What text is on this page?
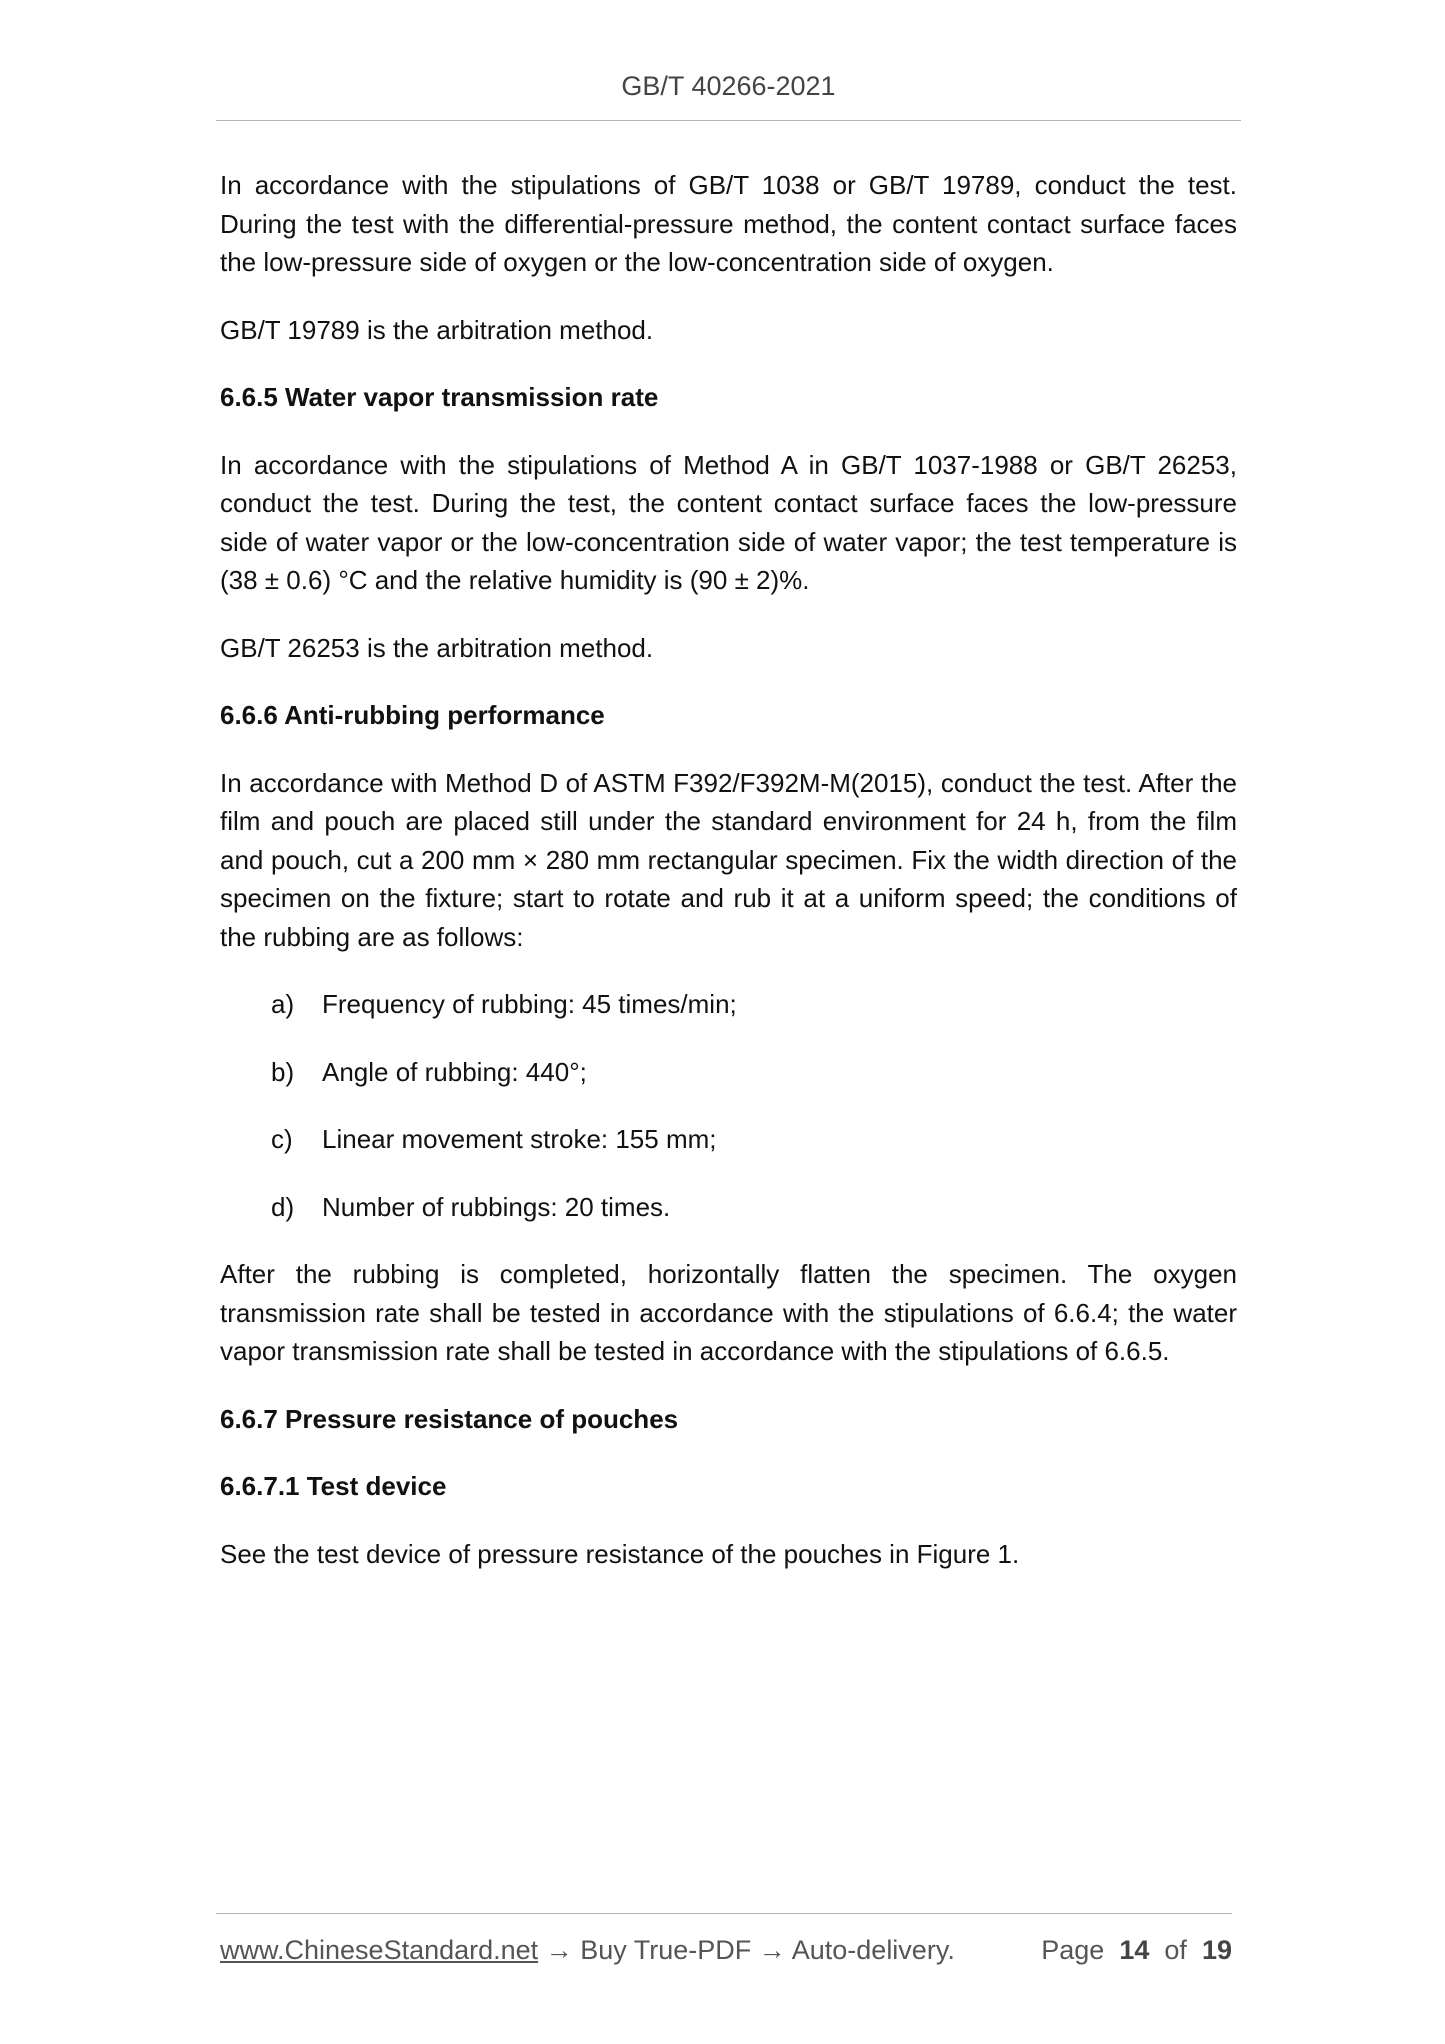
GB/T 40266-2021

In accordance with the stipulations of GB/T 1038 or GB/T 19789, conduct the test. During the test with the differential-pressure method, the content contact surface faces the low-pressure side of oxygen or the low-concentration side of oxygen.

GB/T 19789 is the arbitration method.

6.6.5 Water vapor transmission rate

In accordance with the stipulations of Method A in GB/T 1037-1988 or GB/T 26253, conduct the test. During the test, the content contact surface faces the low-pressure side of water vapor or the low-concentration side of water vapor; the test temperature is (38 ± 0.6) °C and the relative humidity is (90 ± 2)%.

GB/T 26253 is the arbitration method.

6.6.6 Anti-rubbing performance

In accordance with Method D of ASTM F392/F392M-M(2015), conduct the test. After the film and pouch are placed still under the standard environment for 24 h, from the film and pouch, cut a 200 mm × 280 mm rectangular specimen. Fix the width direction of the specimen on the fixture; start to rotate and rub it at a uniform speed; the conditions of the rubbing are as follows:

a)	Frequency of rubbing: 45 times/min;
b)	Angle of rubbing: 440°;
c)	Linear movement stroke: 155 mm;
d)	Number of rubbings: 20 times.

After the rubbing is completed, horizontally flatten the specimen. The oxygen transmission rate shall be tested in accordance with the stipulations of 6.6.4; the water vapor transmission rate shall be tested in accordance with the stipulations of 6.6.5.

6.6.7 Pressure resistance of pouches
6.6.7.1 Test device

See the test device of pressure resistance of the pouches in Figure 1.

www.ChineseStandard.net → Buy True-PDF → Auto-delivery.	Page 14 of 19
